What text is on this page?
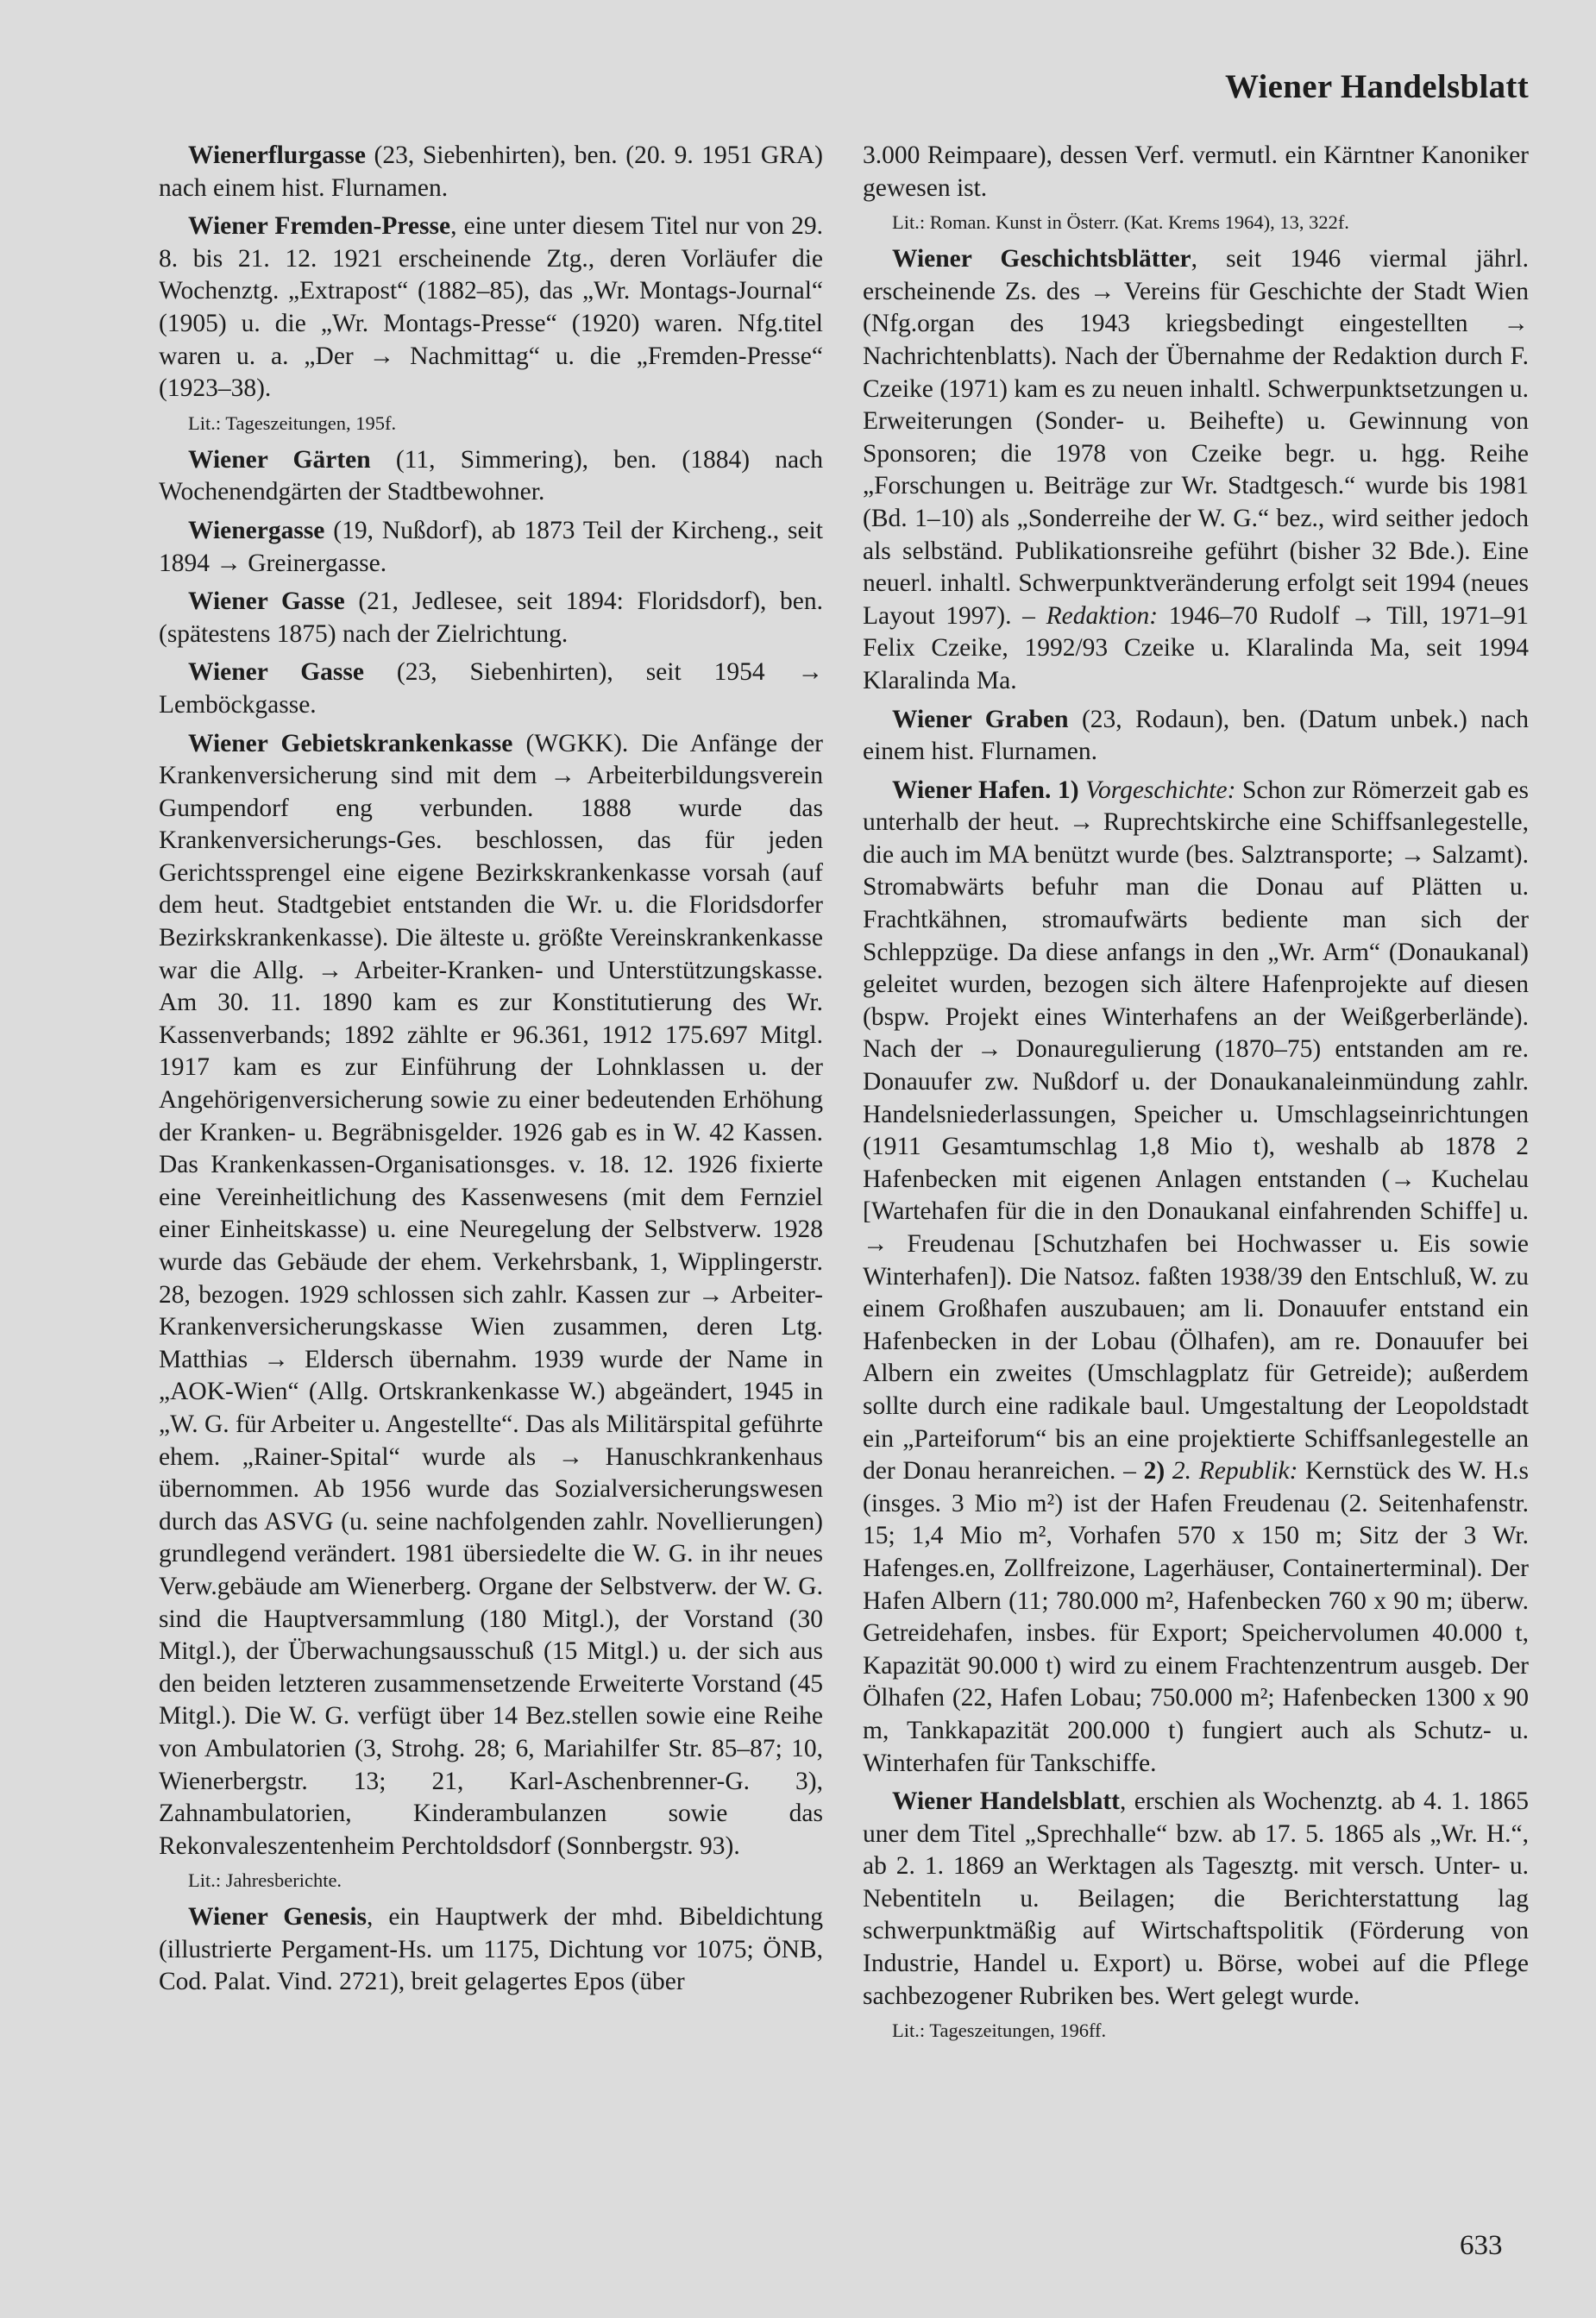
Wiener Handelsblatt

Wienerflurgasse (23, Siebenhirten), ben. (20. 9. 1951 GRA) nach einem hist. Flurnamen.

Wiener Fremden-Presse, eine unter diesem Titel nur von 29. 8. bis 21. 12. 1921 erscheinende Ztg., deren Vorläufer die Wochenztg. „Extrapost“ (1882–85), das „Wr. Montags-Journal“ (1905) u. die „Wr. Montags-Presse“ (1920) waren. Nfg.titel waren u. a. „Der → Nachmittag“ u. die „Fremden-Presse“ (1923–38).

Lit.: Tageszeitungen, 195f.

Wiener Gärten (11, Simmering), ben. (1884) nach Wochenendgärten der Stadtbewohner.

Wienergasse (19, Nußdorf), ab 1873 Teil der Kircheng., seit 1894 → Greinergasse.

Wiener Gasse (21, Jedlesee, seit 1894: Floridsdorf), ben. (spätestens 1875) nach der Zielrichtung.

Wiener Gasse (23, Siebenhirten), seit 1954 → Lemböckgasse.

Wiener Gebietskrankenkasse (WGKK). Die Anfänge der Krankenversicherung sind mit dem → Arbeiterbildungsverein Gumpendorf eng verbunden. 1888 wurde das Krankenversicherungs-Ges. beschlossen, das für jeden Gerichtssprengel eine eigene Bezirkskrankenkasse vorsah (auf dem heut. Stadtgebiet entstanden die Wr. u. die Floridsdorfer Bezirkskrankenkasse). Die älteste u. größte Vereinskrankenkasse war die Allg. → Arbeiter-Kranken- und Unterstützungskasse. Am 30. 11. 1890 kam es zur Konstitutierung des Wr. Kassenverbands; 1892 zählte er 96.361, 1912 175.697 Mitgl. 1917 kam es zur Einführung der Lohnklassen u. der Angehörigenversicherung sowie zu einer bedeutenden Erhöhung der Kranken- u. Begräbnisgelder. 1926 gab es in W. 42 Kassen. Das Krankenkassen-Organisationsges. v. 18. 12. 1926 fixierte eine Vereinheitlichung des Kassenwesens (mit dem Fernziel einer Einheitskasse) u. eine Neuregelung der Selbstverw. 1928 wurde das Gebäude der ehem. Verkehrsbank, 1, Wipplingerstr. 28, bezogen. 1929 schlossen sich zahlr. Kassen zur → Arbeiter-Krankenversicherungskasse Wien zusammen, deren Ltg. Matthias → Eldersch übernahm. 1939 wurde der Name in „AOK-Wien“ (Allg. Ortskrankenkasse W.) abgeändert, 1945 in „W. G. für Arbeiter u. Angestellte“. Das als Militärspital geführte ehem. „Rainer-Spital“ wurde als → Hanuschkrankenhaus übernommen. Ab 1956 wurde das Sozialversicherungswesen durch das ASVG (u. seine nachfolgenden zahlr. Novellierungen) grundlegend verändert. 1981 übersiedelte die W. G. in ihr neues Verw.gebäude am Wienerberg. Organe der Selbstverw. der W. G. sind die Hauptversammlung (180 Mitgl.), der Vorstand (30 Mitgl.), der Überwachungsausschuß (15 Mitgl.) u. der sich aus den beiden letzteren zusammensetzende Erweiterte Vorstand (45 Mitgl.). Die W. G. verfügt über 14 Bez.stellen sowie eine Reihe von Ambulatorien (3, Strohg. 28; 6, Mariahilfer Str. 85–87; 10, Wienerbergstr. 13; 21, Karl-Aschenbrenner-G. 3), Zahnambulatorien, Kinderambulanzen sowie das Rekonvaleszentenheim Perchtoldsdorf (Sonnbergstr. 93).

Lit.: Jahresberichte.

Wiener Genesis, ein Hauptwerk der mhd. Bibeldichtung (illustrierte Pergament-Hs. um 1175, Dichtung vor 1075; ÖNB, Cod. Palat. Vind. 2721), breit gelagertes Epos (über

3.000 Reimpaare), dessen Verf. vermutl. ein Kärntner Kanoniker gewesen ist.

Lit.: Roman. Kunst in Österr. (Kat. Krems 1964), 13, 322f.

Wiener Geschichtsblätter, seit 1946 viermal jährl. erscheinende Zs. des → Vereins für Geschichte der Stadt Wien (Nfg.organ des 1943 kriegsbedingt eingestellten → Nachrichtenblatts). Nach der Übernahme der Redaktion durch F. Czeike (1971) kam es zu neuen inhaltl. Schwerpunktsetzungen u. Erweiterungen (Sonder- u. Beihefte) u. Gewinnung von Sponsoren; die 1978 von Czeike begr. u. hgg. Reihe „Forschungen u. Beiträge zur Wr. Stadtgesch.“ wurde bis 1981 (Bd. 1–10) als „Sonderreihe der W. G.“ bez., wird seither jedoch als selbständ. Publikationsreihe geführt (bisher 32 Bde.). Eine neuerl. inhaltl. Schwerpunktveränderung erfolgt seit 1994 (neues Layout 1997). – Redaktion: 1946–70 Rudolf → Till, 1971–91 Felix Czeike, 1992/93 Czeike u. Klaralinda Ma, seit 1994 Klaralinda Ma.

Wiener Graben (23, Rodaun), ben. (Datum unbek.) nach einem hist. Flurnamen.

Wiener Hafen. 1) Vorgeschichte: Schon zur Römerzeit gab es unterhalb der heut. → Ruprechtskirche eine Schiffsanlegestelle, die auch im MA benützt wurde (bes. Salztransporte; → Salzamt). Stromabwärts befuhr man die Donau auf Plätten u. Frachtkähnen, stromaufwärts bediente man sich der Schleppzüge. Da diese anfangs in den „Wr. Arm“ (Donaukanal) geleitet wurden, bezogen sich ältere Hafenprojekte auf diesen (bspw. Projekt eines Winterhafens an der Weißgerberlände). Nach der → Donauregulierung (1870–75) entstanden am re. Donauufer zw. Nußdorf u. der Donaukanaleinmündung zahlr. Handelsniederlassungen, Speicher u. Umschlagseinrichtungen (1911 Gesamtumschlag 1,8 Mio t), weshalb ab 1878 2 Hafenbecken mit eigenen Anlagen entstanden (→ Kuchelau [Wartehafen für die in den Donaukanal einfahrenden Schiffe] u. → Freudenau [Schutzhafen bei Hochwasser u. Eis sowie Winterhafen]). Die Natsoz. faßten 1938/39 den Entschluß, W. zu einem Großhafen auszubauen; am li. Donauufer entstand ein Hafenbecken in der Lobau (Ölhafen), am re. Donauufer bei Albern ein zweites (Umschlagplatz für Getreide); außerdem sollte durch eine radikale baul. Umgestaltung der Leopoldstadt ein „Parteiforum“ bis an eine projektierte Schiffsanlegestelle an der Donau heranreichen. – 2) 2. Republik: Kernstück des W. H.s (insges. 3 Mio m²) ist der Hafen Freudenau (2. Seitenhafenstr. 15; 1,4 Mio m², Vorhafen 570 x 150 m; Sitz der 3 Wr. Hafenges.en, Zollfreizone, Lagerhäuser, Containerterminal). Der Hafen Albern (11; 780.000 m², Hafenbecken 760 x 90 m; überw. Getreidehafen, insbes. für Export; Speichervolumen 40.000 t, Kapazität 90.000 t) wird zu einem Frachtenzentrum ausgeb. Der Ölhafen (22, Hafen Lobau; 750.000 m²; Hafenbecken 1300 x 90 m, Tankkapazität 200.000 t) fungiert auch als Schutz- u. Winterhafen für Tankschiffe.

Wiener Handelsblatt, erschien als Wochenztg. ab 4. 1. 1865 uner dem Titel „Sprechhalle“ bzw. ab 17. 5. 1865 als „Wr. H.“, ab 2. 1. 1869 an Werktagen als Tagesztg. mit versch. Unter- u. Nebentiteln u. Beilagen; die Berichterstattung lag schwerpunktmäßig auf Wirtschaftspolitik (Förderung von Industrie, Handel u. Export) u. Börse, wobei auf die Pflege sachbezogener Rubriken bes. Wert gelegt wurde.

Lit.: Tageszeitungen, 196ff.

633
